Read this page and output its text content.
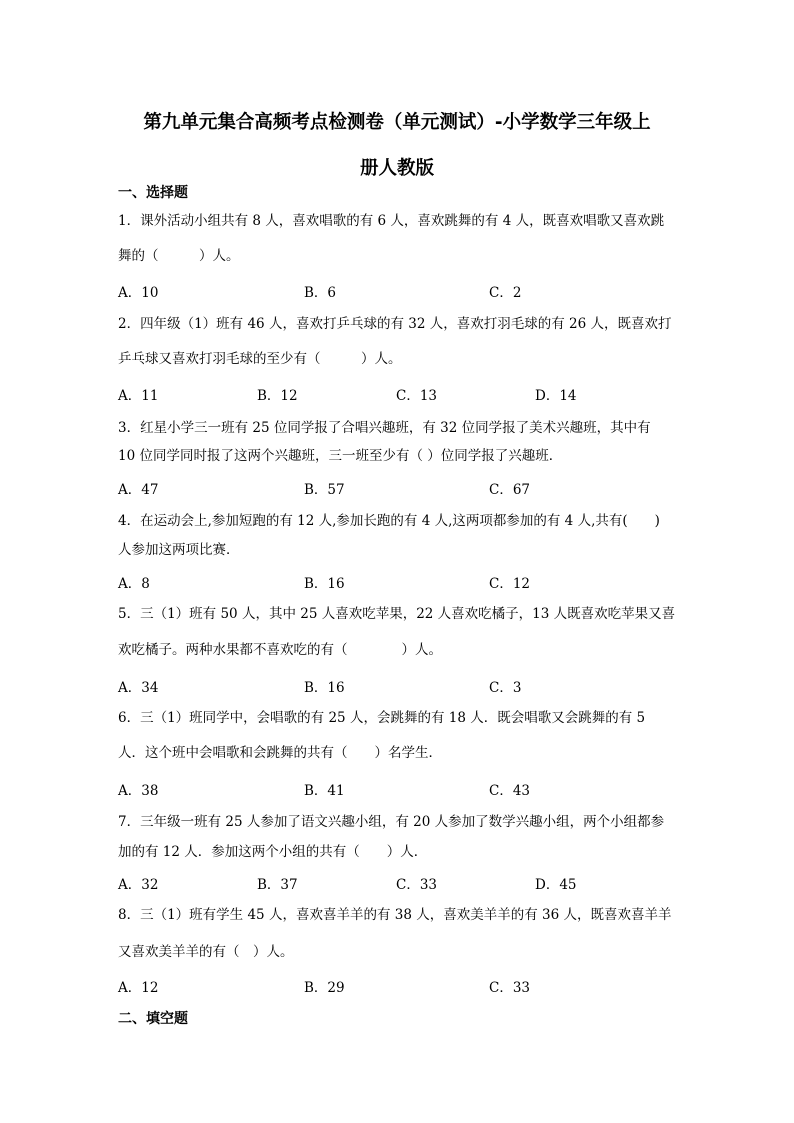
第九单元集合高频考点检测卷（单元测试）-小学数学三年级上
册人教版
一、选择题
1．课外活动小组共有 8 人，喜欢唱歌的有 6 人，喜欢跳舞的有 4 人，既喜欢唱歌又喜欢跳
舞的（　　　）人。
A．10	B．6	C．2
2．四年级（1）班有 46 人，喜欢打乒乓球的有 32 人，喜欢打羽毛球的有 26 人，既喜欢打
乒乓球又喜欢打羽毛球的至少有（　　　）人。
A．11	B．12	C．13	D．14
3．红星小学三一班有 25 位同学报了合唱兴趣班，有 32 位同学报了美术兴趣班，其中有
10 位同学同时报了这两个兴趣班，三一班至少有（ ）位同学报了兴趣班．
A．47	B．57	C．67
4．在运动会上,参加短跑的有 12 人,参加长跑的有 4 人,这两项都参加的有 4 人,共有(　　)
人参加这两项比赛．
A．8	B．16	C．12
5．三（1）班有 50 人，其中 25 人喜欢吃苹果，22 人喜欢吃橘子，13 人既喜欢吃苹果又喜
欢吃橘子。两种水果都不喜欢吃的有（　　　　）人。
A．34	B．16	C．3
6．三（1）班同学中，会唱歌的有 25 人，会跳舞的有 18 人．既会唱歌又会跳舞的有 5
人．这个班中会唱歌和会跳舞的共有（　　）名学生．
A．38	B．41	C．43
7．三年级一班有 25 人参加了语文兴趣小组，有 20 人参加了数学兴趣小组，两个小组都参
加的有 12 人．参加这两个小组的共有（　　）人．
A．32	B．37	C．33	D．45
8．三（1）班有学生 45 人，喜欢喜羊羊的有 38 人，喜欢美羊羊的有 36 人，既喜欢喜羊羊
又喜欢美羊羊的有（　）人。
A．12	B．29	C．33
二、填空题
